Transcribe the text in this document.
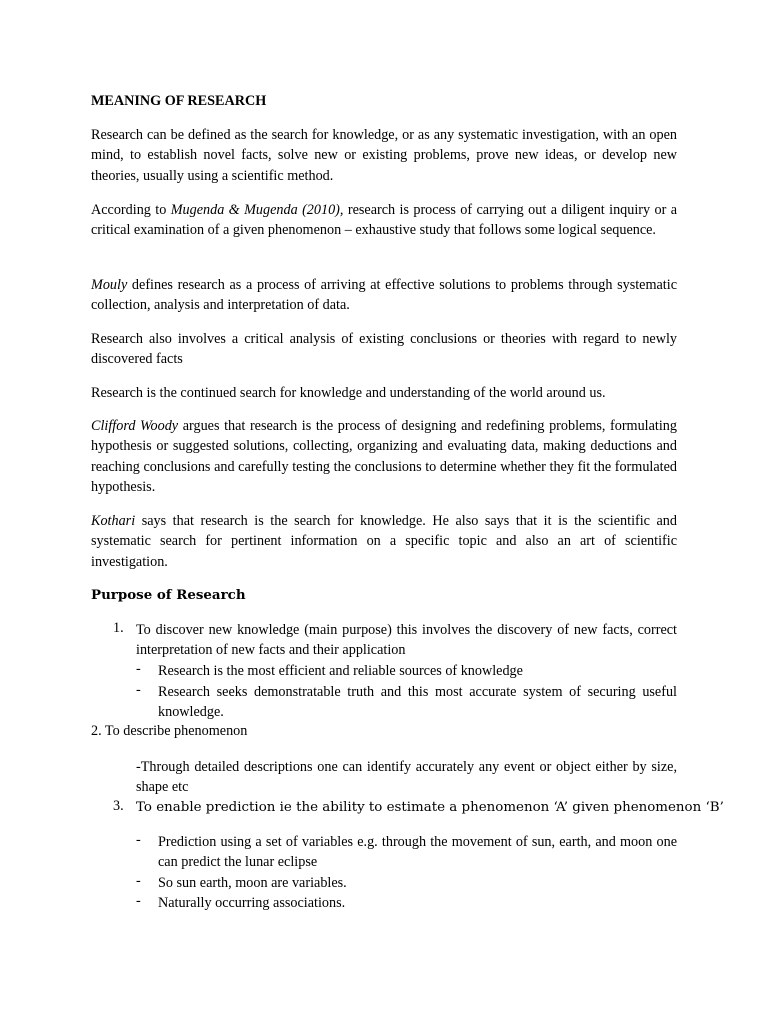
MEANING OF RESEARCH

Research can be defined as the search for knowledge, or as any systematic investigation, with an open mind, to establish novel facts, solve new or existing problems, prove new ideas, or develop new theories, usually using a scientific method.

According to Mugenda & Mugenda (2010), research is process of carrying out a diligent inquiry or a critical examination of a given phenomenon – exhaustive study that follows some logical sequence.

Mouly defines research as a process of arriving at effective solutions to problems through systematic collection, analysis and interpretation of data.

Research also involves a critical analysis of existing conclusions or theories with regard to newly discovered facts

Research is the continued search for knowledge and understanding of the world around us.

Clifford Woody argues that research is the process of designing and redefining problems, formulating hypothesis or suggested solutions, collecting, organizing and evaluating data, making deductions and reaching conclusions and carefully testing the conclusions to determine whether they fit the formulated hypothesis.

Kothari says that research is the search for knowledge. He also says that it is the scientific and systematic search for pertinent information on a specific topic and also an art of scientific investigation.

Purpose of Research
1. To discover new knowledge (main purpose) this involves the discovery of new facts, correct interpretation of new facts and their application

- Research is the most efficient and reliable sources of knowledge

- Research seeks demonstratable truth and this most accurate system of securing useful knowledge.

2. To describe phenomenon

-Through detailed descriptions one can identify accurately any event or object either by size, shape etc

3. To enable prediction ie the ability to estimate a phenomenon ‘A’ given phenomenon ‘B’

- Prediction using a set of variables e.g. through the movement of sun, earth, and moon one can predict the lunar eclipse

- So sun earth, moon are variables.

- Naturally occurring associations.
